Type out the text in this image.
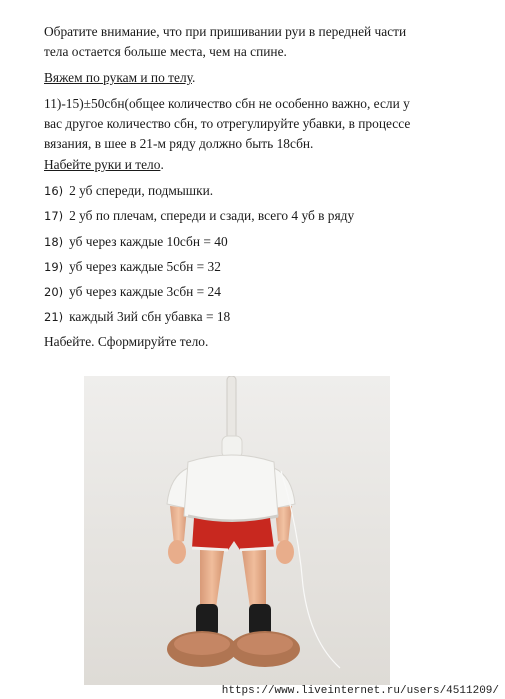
Обратите внимание, что при пришивании руи в передней части
тела остается больше места, чем на спине.

Вяжем по рукам и по телу.

11)-15)±50сбн(общее количество сбн не особенно важно, если у
вас другое количество сбн, то отрегулируйте убавки, в процессе
вязания, в шее в 21-м ряду должно быть 18сбн.

Набейте руки и тело.

16) 2 уб спереди, подмышки.
17) 2 уб по плечам, спереди и сзади, всего 4 уб в ряду
18) уб через каждые 10сбн = 40
19) уб через каждые 5сбн = 32
20) уб через каждые 3сбн = 24
21) каждый 3ий сбн убавка = 18
Набейте. Сформируйте тело.
https://www.liveinternet.ru/users/4511209/
